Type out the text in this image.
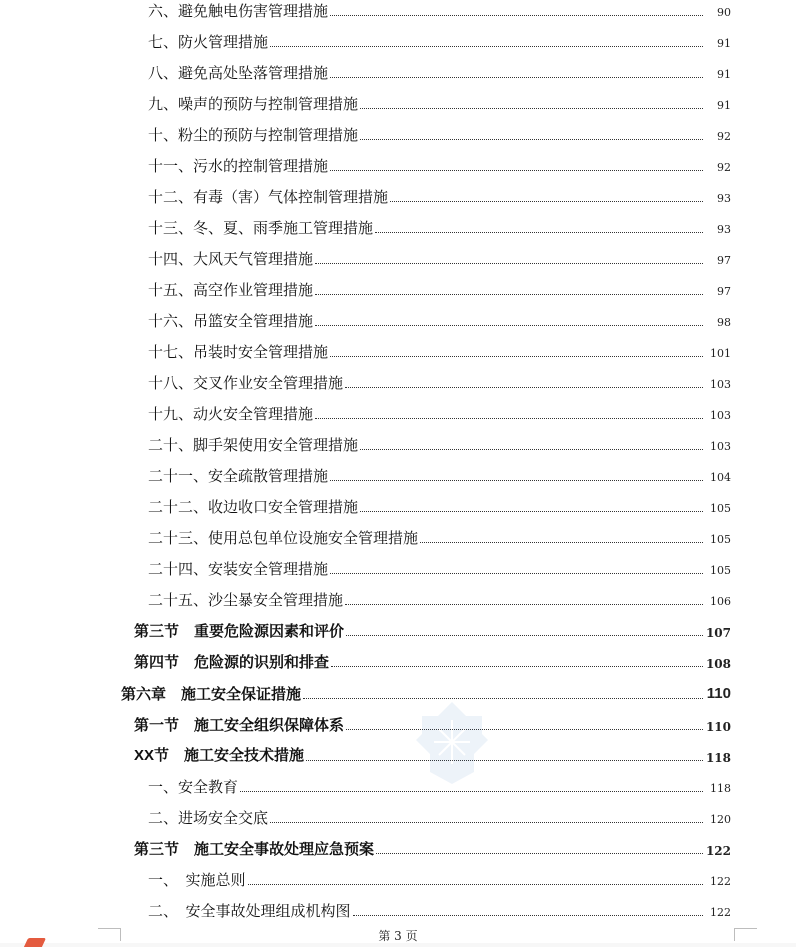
六、避免触电伤害管理措施	90
七、防火管理措施	91
八、避免高处坠落管理措施	91
九、噪声的预防与控制管理措施	91
十、粉尘的预防与控制管理措施	92
十一、污水的控制管理措施	92
十二、有毒（害）气体控制管理措施	93
十三、冬、夏、雨季施工管理措施	93
十四、大风天气管理措施	97
十五、高空作业管理措施	97
十六、吊篮安全管理措施	98
十七、吊装时安全管理措施	101
十八、交叉作业安全管理措施	103
十九、动火安全管理措施	103
二十、脚手架使用安全管理措施	103
二十一、安全疏散管理措施	104
二十二、收边收口安全管理措施	105
二十三、使用总包单位设施安全管理措施	105
二十四、安装安全管理措施	105
二十五、沙尘暴安全管理措施	106
第三节　重要危险源因素和评价	107
第四节　危险源的识别和排查	108
第六章　施工安全保证措施	110
第一节　施工安全组织保障体系	110
XX节　施工安全技术措施	118
一、安全教育	118
二、进场安全交底	120
第三节　施工安全事故处理应急预案	122
一、　实施总则	122
二、　安全事故处理组成机构图	122
第 3 页
